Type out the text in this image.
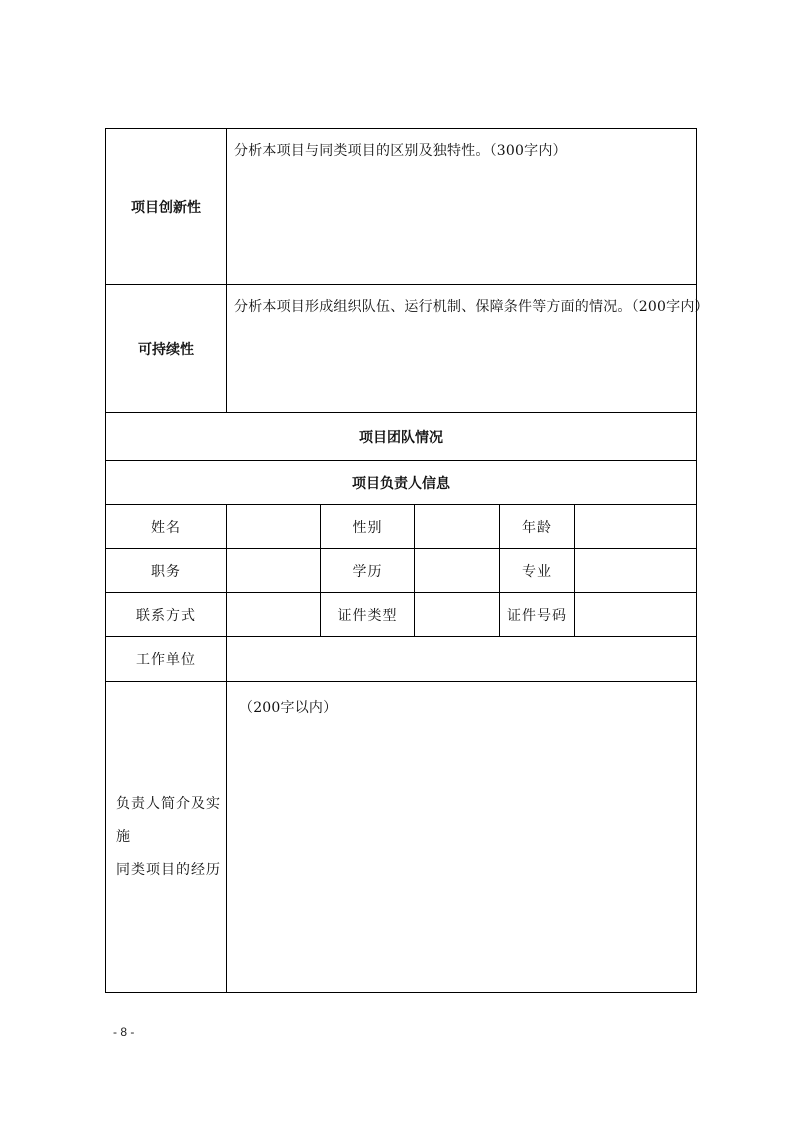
项目创新性	分析本项目与同类项目的区别及独特性。（300字内）				
可持续性	分析本项目形成组织队伍、运行机制、保障条件等方面的情况。（200字内）				
项目团队情况					
项目负责人信息					
姓名		性别		年龄	
职务		学历		专业	
联系方式		证件类型		证件号码	
工作单位					

负责人简介及实施
同类项目的经历	（200字以内）				
- 8 -
